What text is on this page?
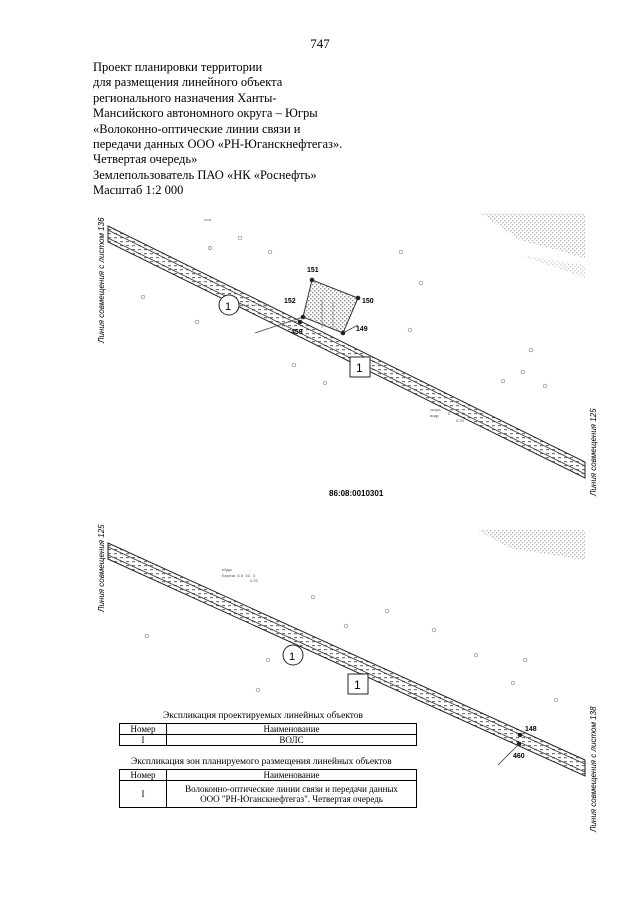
747
Проект планировки территории
для размещения линейного объекта
регионального назначения Ханты-
Мансийского автономного округа – Югры
«Волоконно-оптические линии связи и
передачи данных ООО «РН-Юганскнефтегаз».
Четвертая очередь»
Землепользователь ПАО «НК «Роснефть»
Масштаб 1:2 000
151
150
152
149
459
1
1
пкаг
скора
водр Е   ч1.  3
0.25
Линия совмещения с листом 136
Линия совмещения 125
86:08:0010301
1
1
148
460
нбдш
Береза  6.6  16.  3
0.25
Линия совмещения 125
Линия совмещения с листом 138
Экспликация проектируемых линейных объектов
Номер	Наименование
I	ВОЛС
Экспликация зон планируемого размещения линейных объектов
Номер	Наименование
I	Волоконно-оптические линии связи и передачи данных
ООО "РН-Юганскнефтегаз". Четвертая очередь
